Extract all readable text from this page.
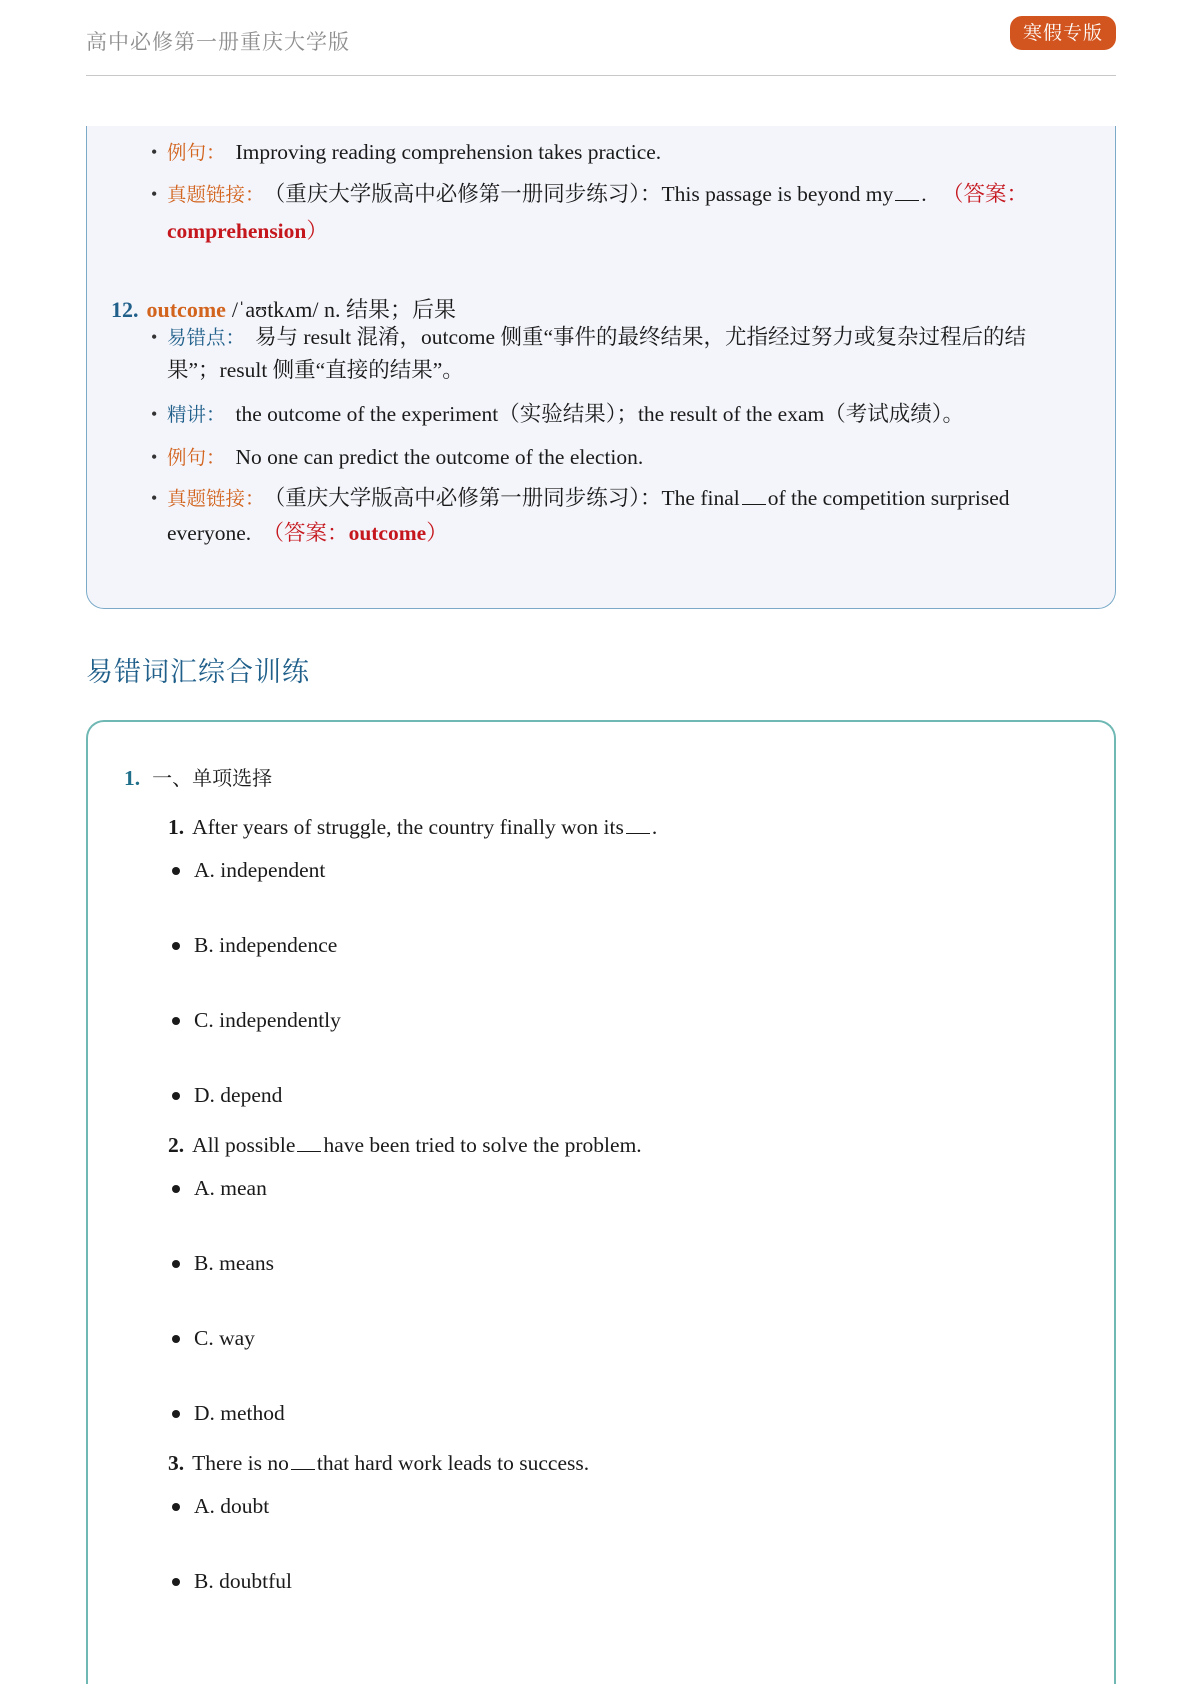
高中必修第一册重庆大学版	寒假专版
• 例句： Improving reading comprehension takes practice.
• 真题链接： （重庆大学版高中必修第一册同步练习）：This passage is beyond my . （答案：
comprehension）
12. outcome /ˈaʊtkʌm/ n. 结果；后果
• 易错点： 易与 result 混淆，outcome 侧重“事件的最终结果，尤指经过努力或复杂过程后的结
果”；result 侧重“直接的结果”。
• 精讲： the outcome of the experiment（实验结果）；the result of the exam（考试成绩）。
• 例句： No one can predict the outcome of the election.
• 真题链接： （重庆大学版高中必修第一册同步练习）：The final of the competition surprised
everyone. （答案：outcome）
易错词汇综合训练
1. 一、单项选择
1. After years of struggle, the country finally won its .
A. independent
B. independence
C. independently
D. depend
2. All possible have been tried to solve the problem.
A. mean
B. means
C. way
D. method
3. There is no that hard work leads to success.
A. doubt
B. doubtful
